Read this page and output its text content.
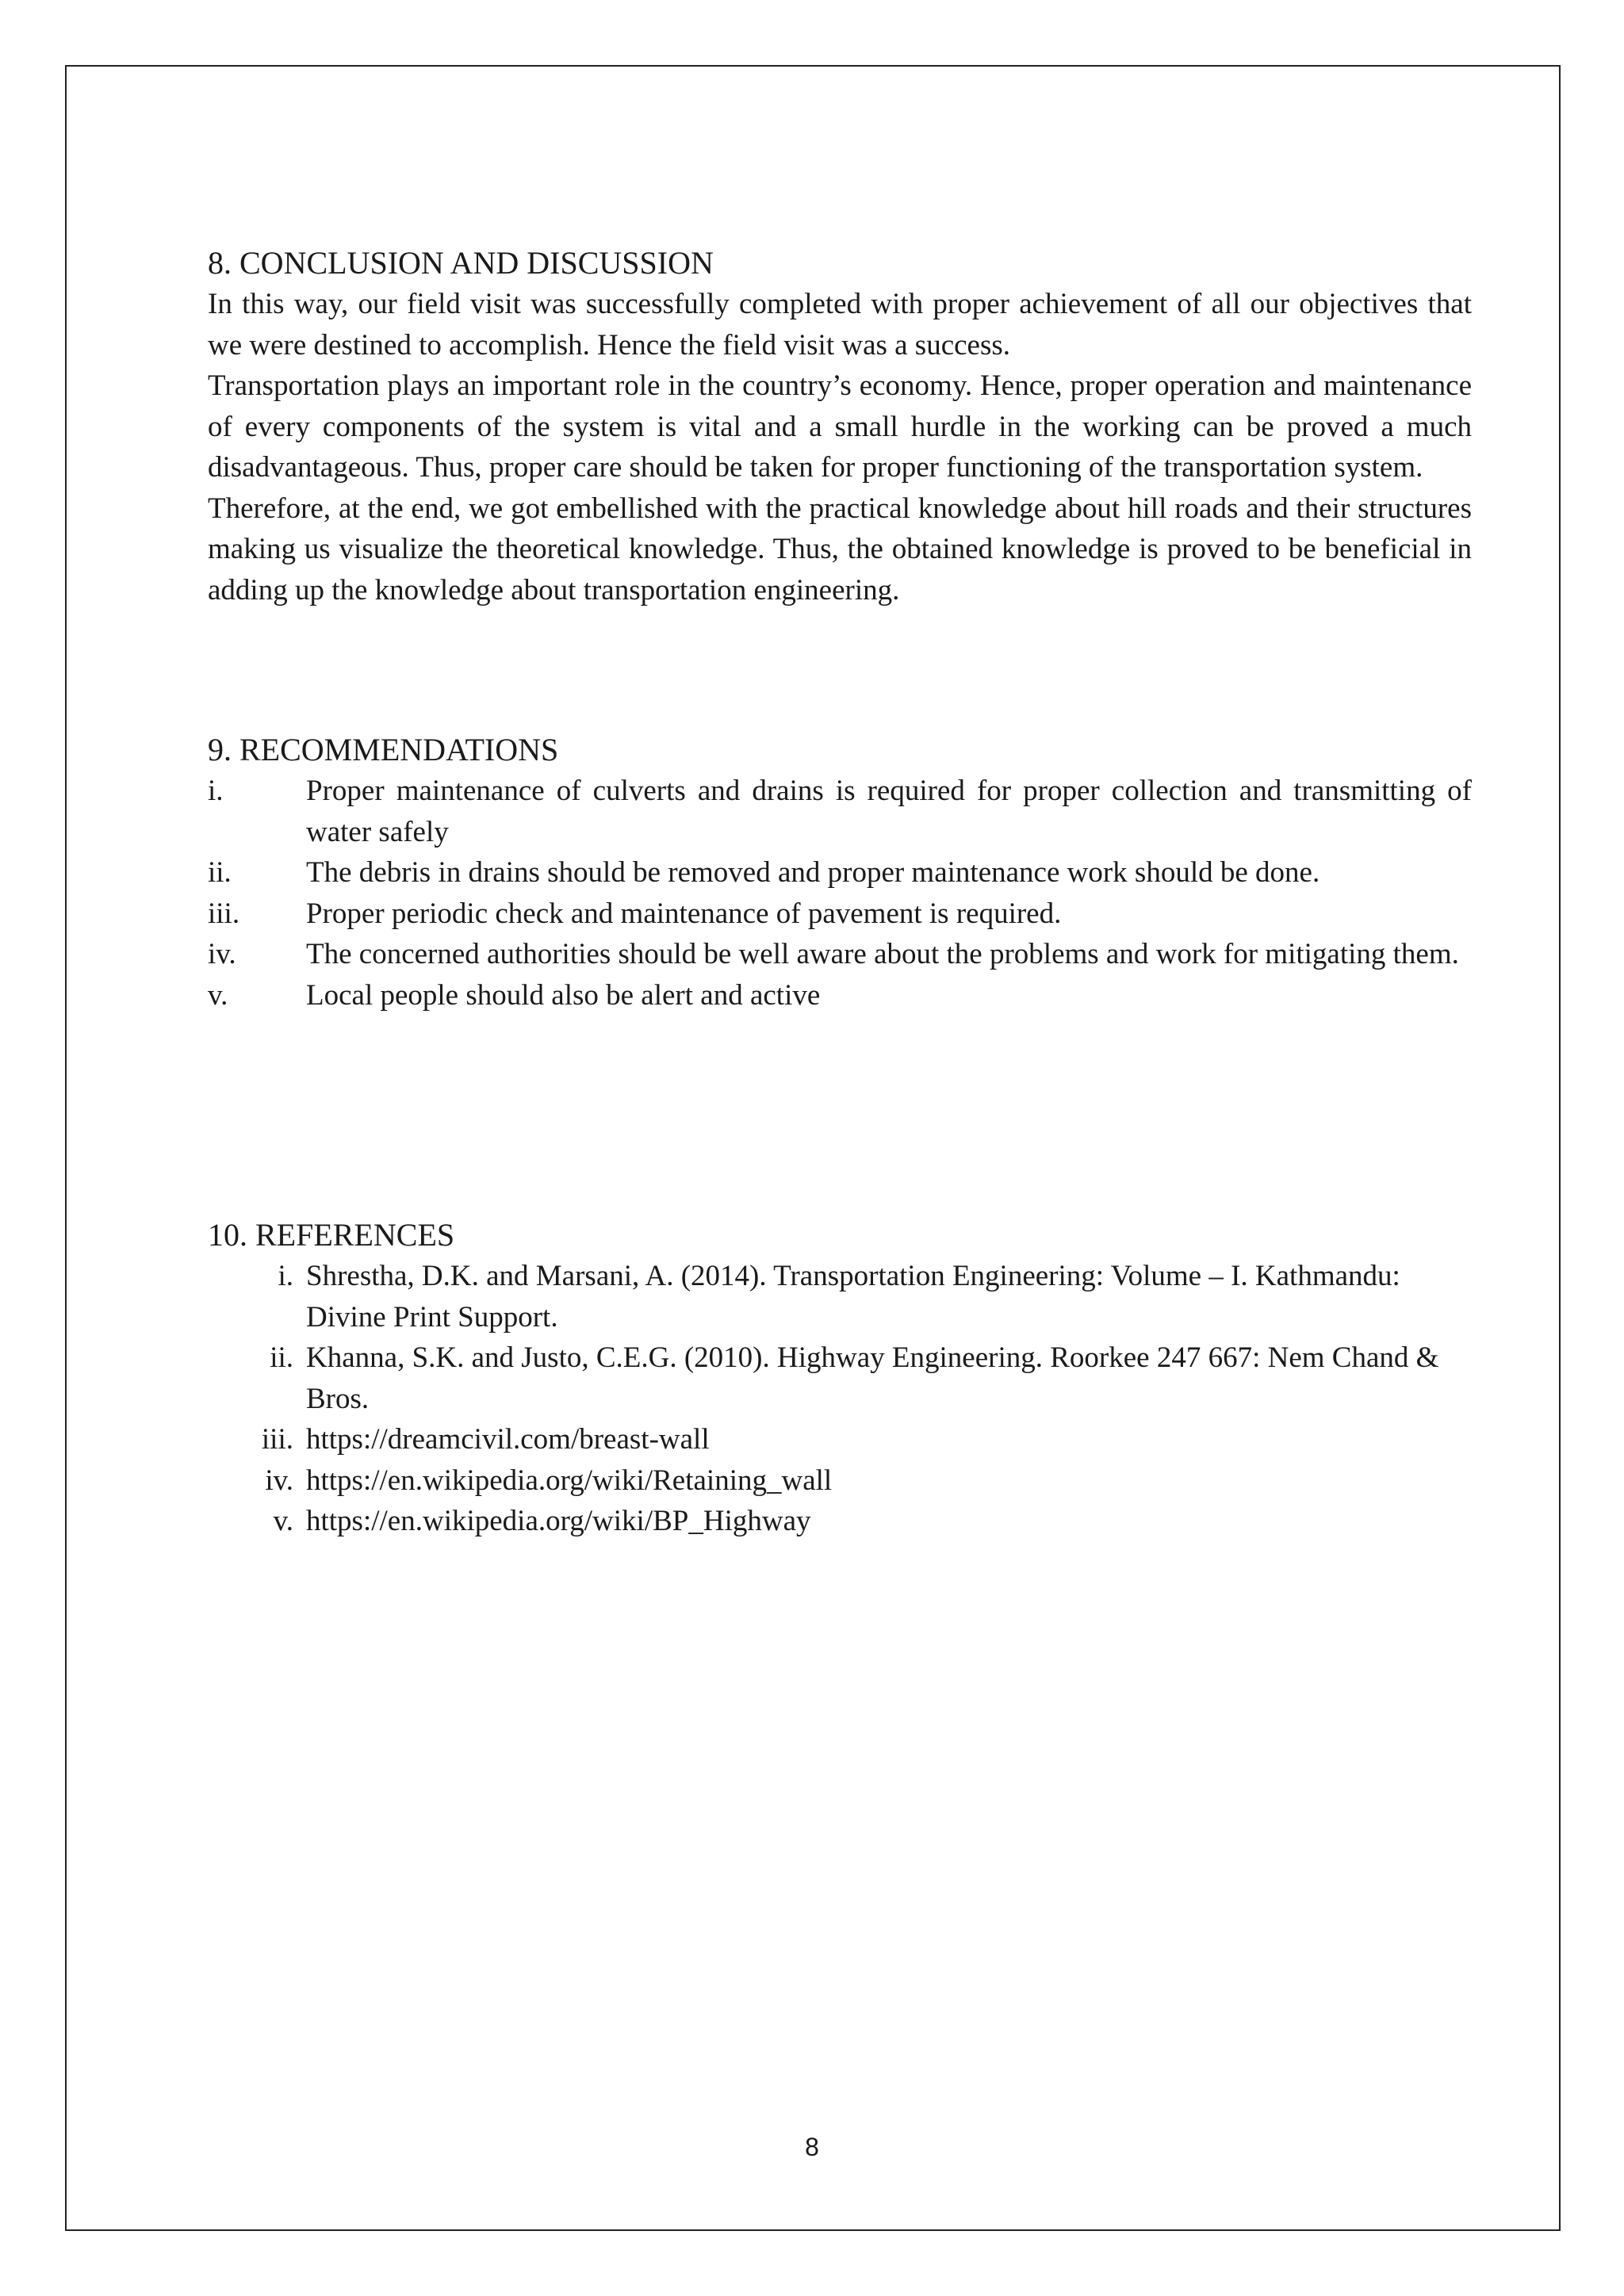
8. CONCLUSION AND DISCUSSION

In this way, our field visit was successfully completed with proper achievement of all our objectives that we were destined to accomplish. Hence the field visit was a success.

Transportation plays an important role in the country’s economy. Hence, proper operation and maintenance of every components of the system is vital and a small hurdle in the working can be proved a much disadvantageous. Thus, proper care should be taken for proper functioning of the transportation system.

Therefore, at the end, we got embellished with the practical knowledge about hill roads and their structures making us visualize the theoretical knowledge. Thus, the obtained knowledge is proved to be beneficial in adding up the knowledge about transportation engineering.

9. RECOMMENDATIONS
i.	Proper maintenance of culverts and drains is required for proper collection and transmitting of water safely
ii.	The debris in drains should be removed and proper maintenance work should be done.
iii.	Proper periodic check and maintenance of pavement is required.
iv.	The concerned authorities should be well aware about the problems and work for mitigating them.
v.	Local people should also be alert and active
10. REFERENCES
i. Shrestha, D.K. and Marsani, A. (2014). Transportation Engineering: Volume – I. Kathmandu: Divine Print Support.
ii. Khanna, S.K. and Justo, C.E.G. (2010). Highway Engineering. Roorkee 247 667: Nem Chand & Bros.
iii. https://dreamcivil.com/breast-wall
iv. https://en.wikipedia.org/wiki/Retaining_wall
v. https://en.wikipedia.org/wiki/BP_Highway
8
